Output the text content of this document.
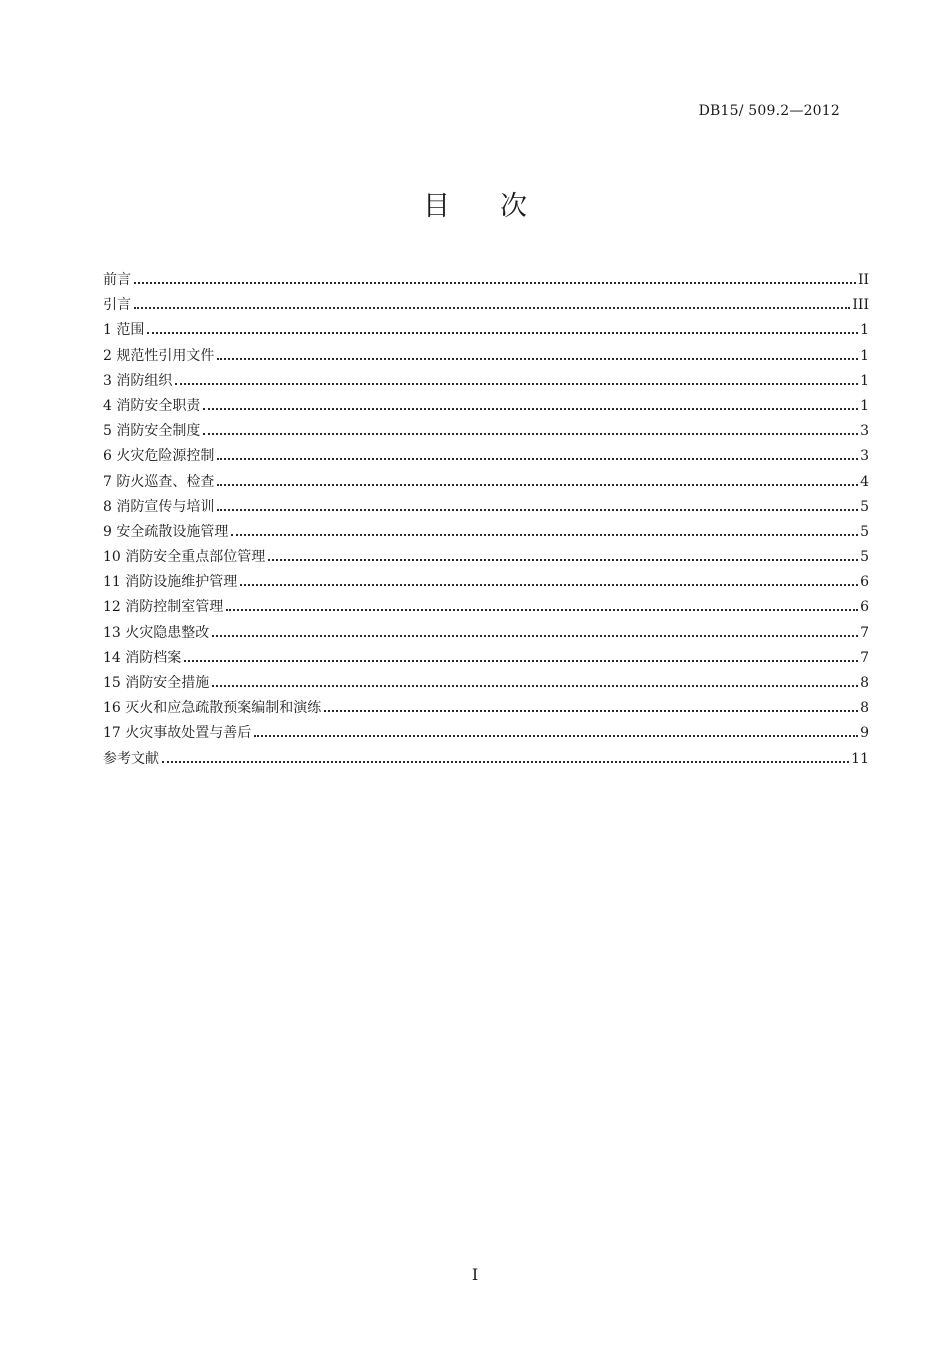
DB15/ 509.2—2012
目次
前言	II
引言	III
1 范围	1
2 规范性引用文件	1
3 消防组织	1
4 消防安全职责	1
5 消防安全制度	3
6 火灾危险源控制	3
7 防火巡查、检查	4
8 消防宣传与培训	5
9 安全疏散设施管理	5
10 消防安全重点部位管理	5
11 消防设施维护管理	6
12 消防控制室管理	6
13 火灾隐患整改	7
14 消防档案	7
15 消防安全措施	8
16 灭火和应急疏散预案编制和演练	8
17 火灾事故处置与善后	9
参考文献	11
I
